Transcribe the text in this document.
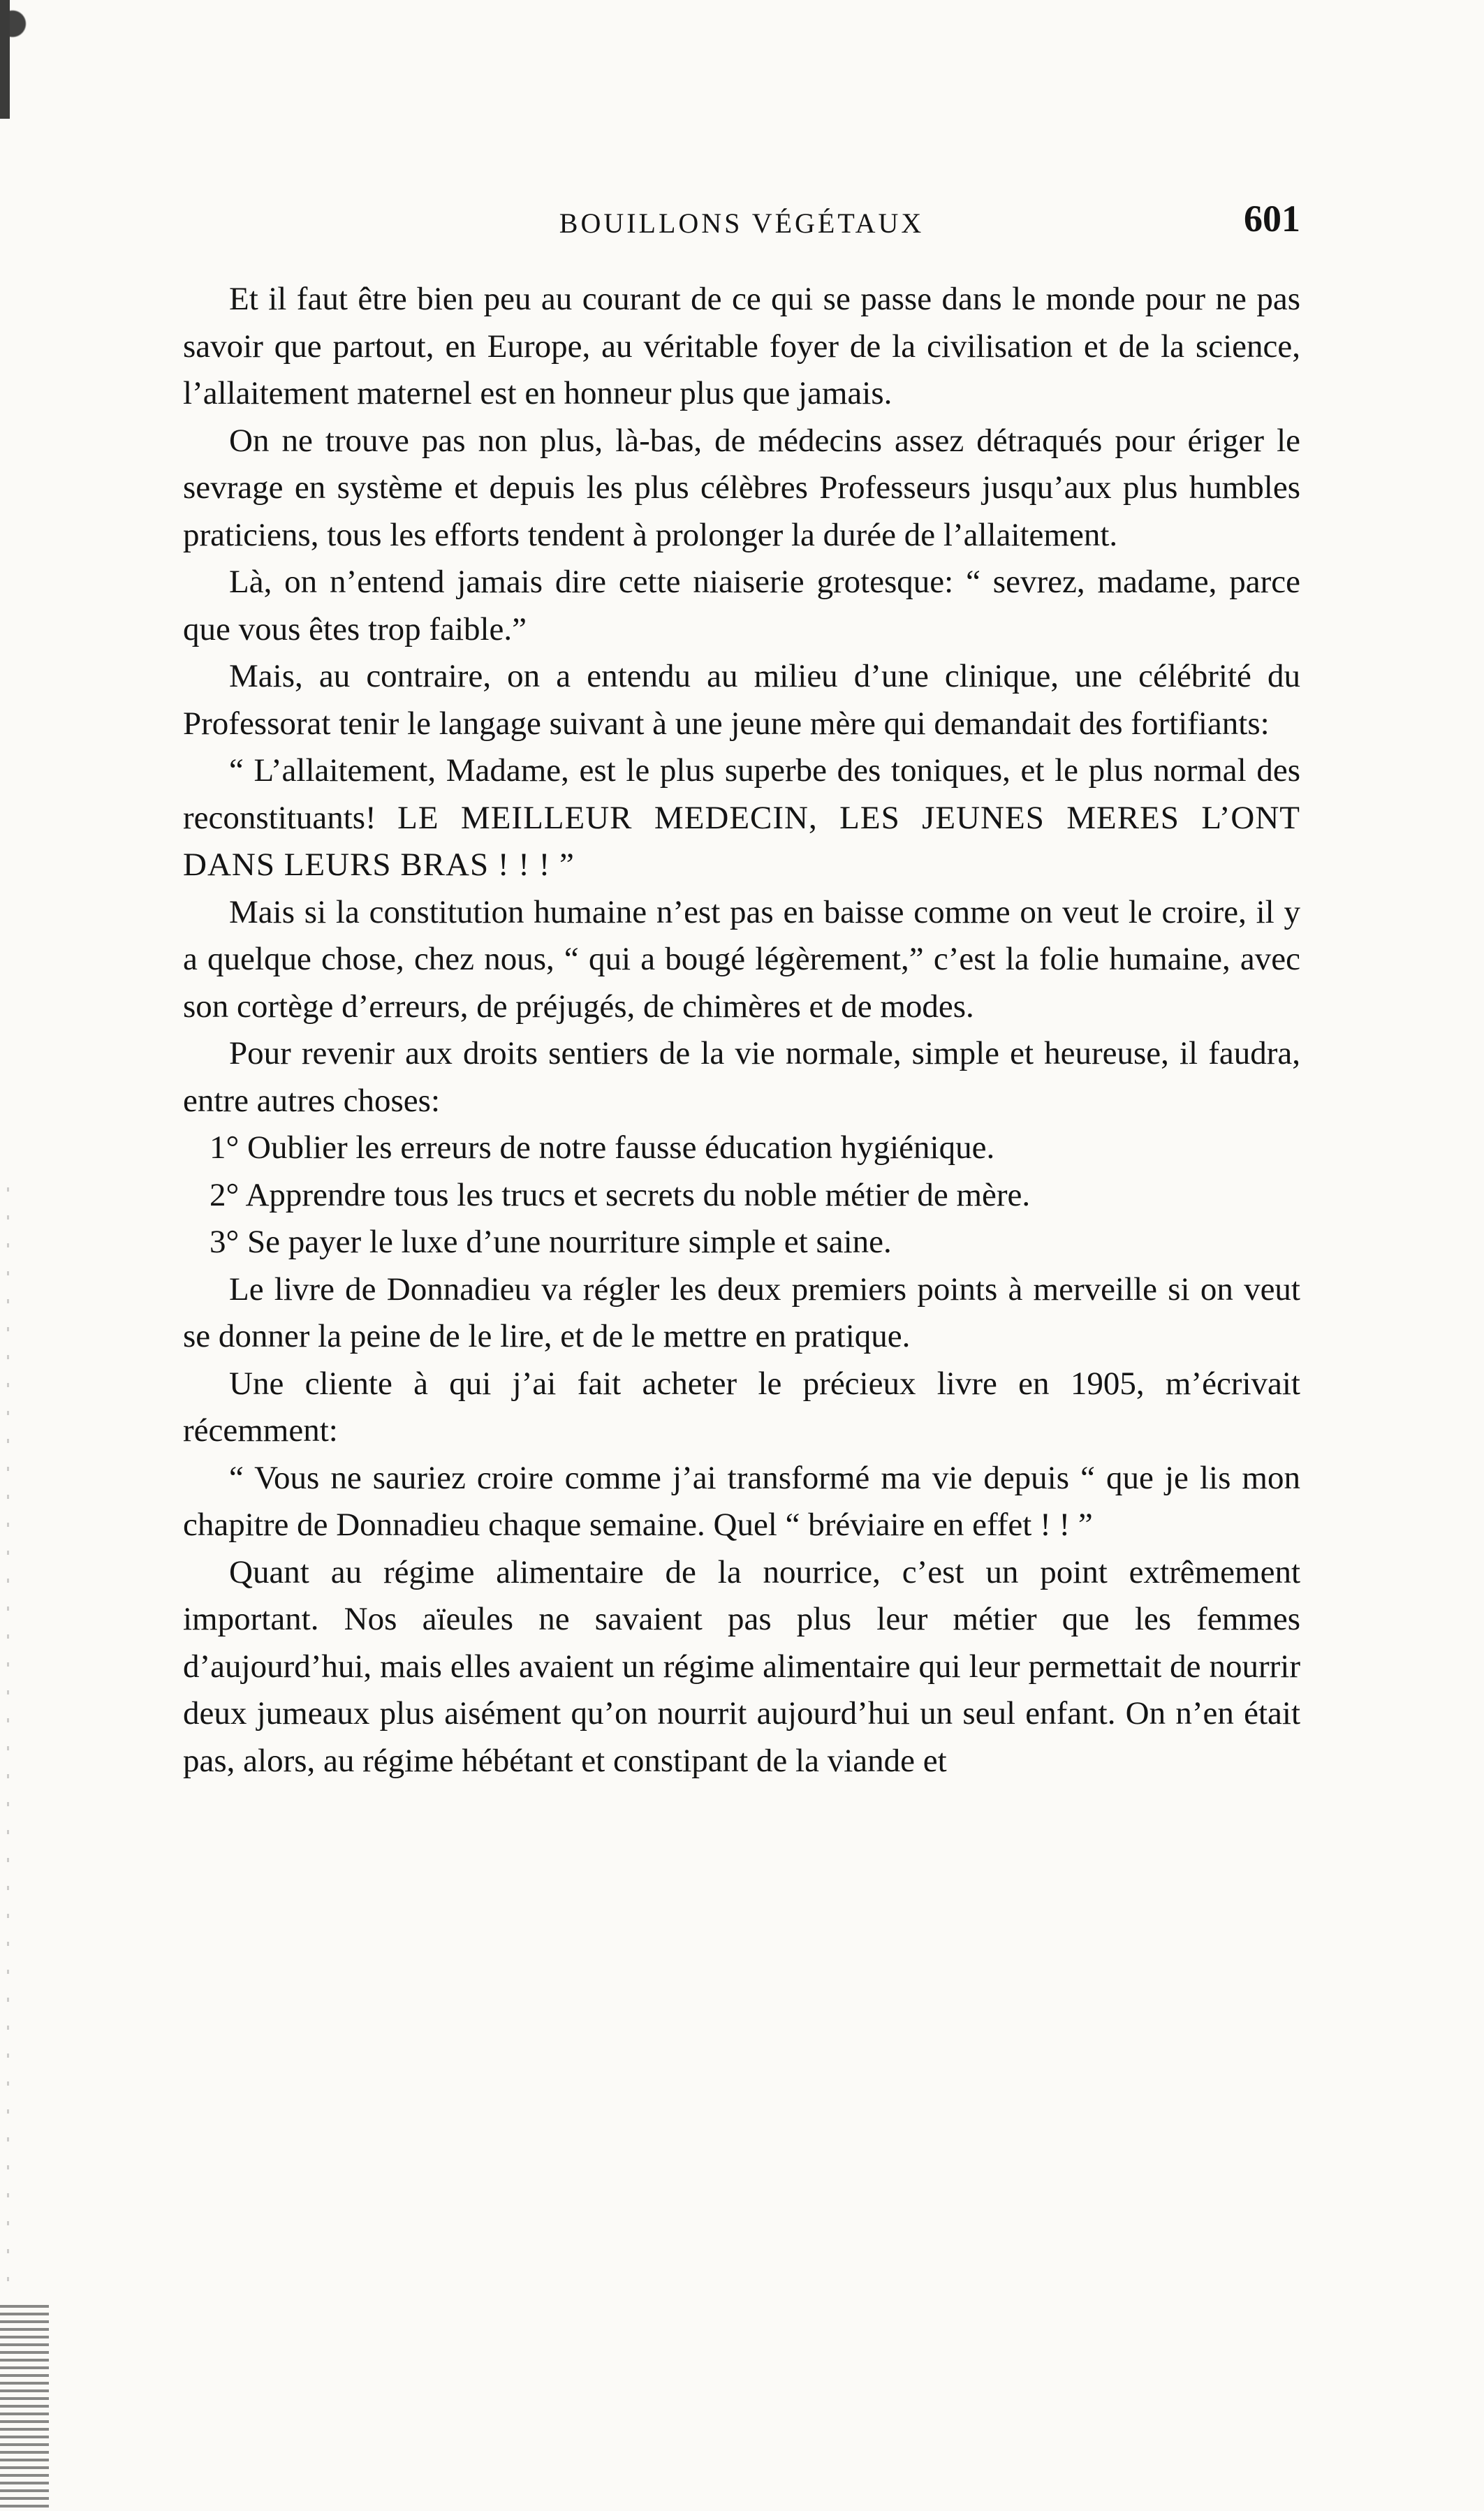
BOUILLONS VÉGÉTAUX	601

Et il faut être bien peu au courant de ce qui se passe dans le monde pour ne pas savoir que partout, en Europe, au véritable foyer de la civilisation et de la science, l’allaitement maternel est en honneur plus que jamais.

On ne trouve pas non plus, là-bas, de médecins assez détraqués pour ériger le sevrage en système et depuis les plus célèbres Professeurs jusqu’aux plus humbles praticiens, tous les efforts tendent à prolonger la durée de l’allaitement.

Là, on n’entend jamais dire cette niaiserie grotesque: “ sevrez, madame, parce que vous êtes trop faible.”

Mais, au contraire, on a entendu au milieu d’une clinique, une célébrité du Professorat tenir le langage suivant à une jeune mère qui demandait des fortifiants:

“ L’allaitement, Madame, est le plus superbe des toniques, et le plus normal des reconstituants! LE MEILLEUR MEDECIN, LES JEUNES MERES L’ONT DANS LEURS BRAS ! ! ! ”

Mais si la constitution humaine n’est pas en baisse comme on veut le croire, il y a quelque chose, chez nous, “ qui a bougé légèrement,” c’est la folie humaine, avec son cortège d’erreurs, de préjugés, de chimères et de modes.

Pour revenir aux droits sentiers de la vie normale, simple et heureuse, il faudra, entre autres choses:

1° Oublier les erreurs de notre fausse éducation hygiénique.

2° Apprendre tous les trucs et secrets du noble métier de mère.

3° Se payer le luxe d’une nourriture simple et saine.

Le livre de Donnadieu va régler les deux premiers points à merveille si on veut se donner la peine de le lire, et de le mettre en pratique.

Une cliente à qui j’ai fait acheter le précieux livre en 1905, m’écrivait récemment:

“ Vous ne sauriez croire comme j’ai transformé ma vie depuis “ que je lis mon chapitre de Donnadieu chaque semaine. Quel “ bréviaire en effet ! ! ”

Quant au régime alimentaire de la nourrice, c’est un point extrêmement important. Nos aïeules ne savaient pas plus leur métier que les femmes d’aujourd’hui, mais elles avaient un régime alimentaire qui leur permettait de nourrir deux jumeaux plus aisément qu’on nourrit aujourd’hui un seul enfant. On n’en était pas, alors, au régime hébétant et constipant de la viande et
